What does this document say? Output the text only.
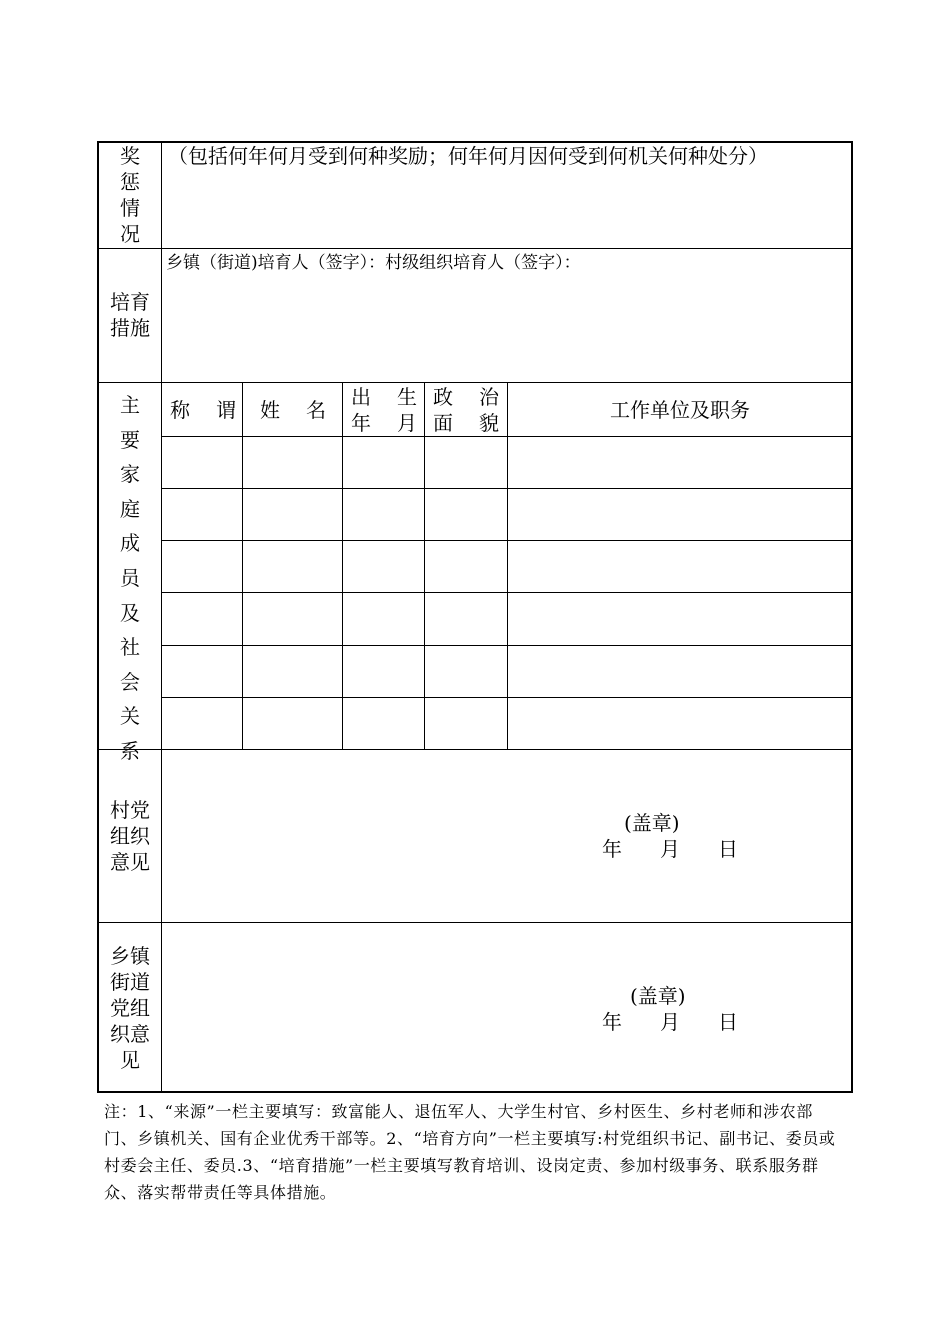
奖
惩
情
况
（包括何年何月受到何种奖励；何年何月因何受到何机关何种处分）
培育
措施
乡镇（街道)培育人（签字）：村级组织培育人（签字）：
主
要
家
庭
成
员
及
社
会
关
系
称 谓 姓 名
出 生
年 月
政 治
面 貌
工作单位及职务
村党
组织
意见
(盖章)
年 月 日
乡镇
街道
党组
织意
见
(盖章)
年 月 日
注：1、“来源”一栏主要填写：致富能人、退伍军人、大学生村官、乡村医生、乡村老师和涉农部门、乡镇机关、国有企业优秀干部等。2、“培育方向”一栏主要填写:村党组织书记、副书记、委员或村委会主任、委员.3、“培育措施”一栏主要填写教育培训、设岗定责、参加村级事务、联系服务群众、落实帮带责任等具体措施。
